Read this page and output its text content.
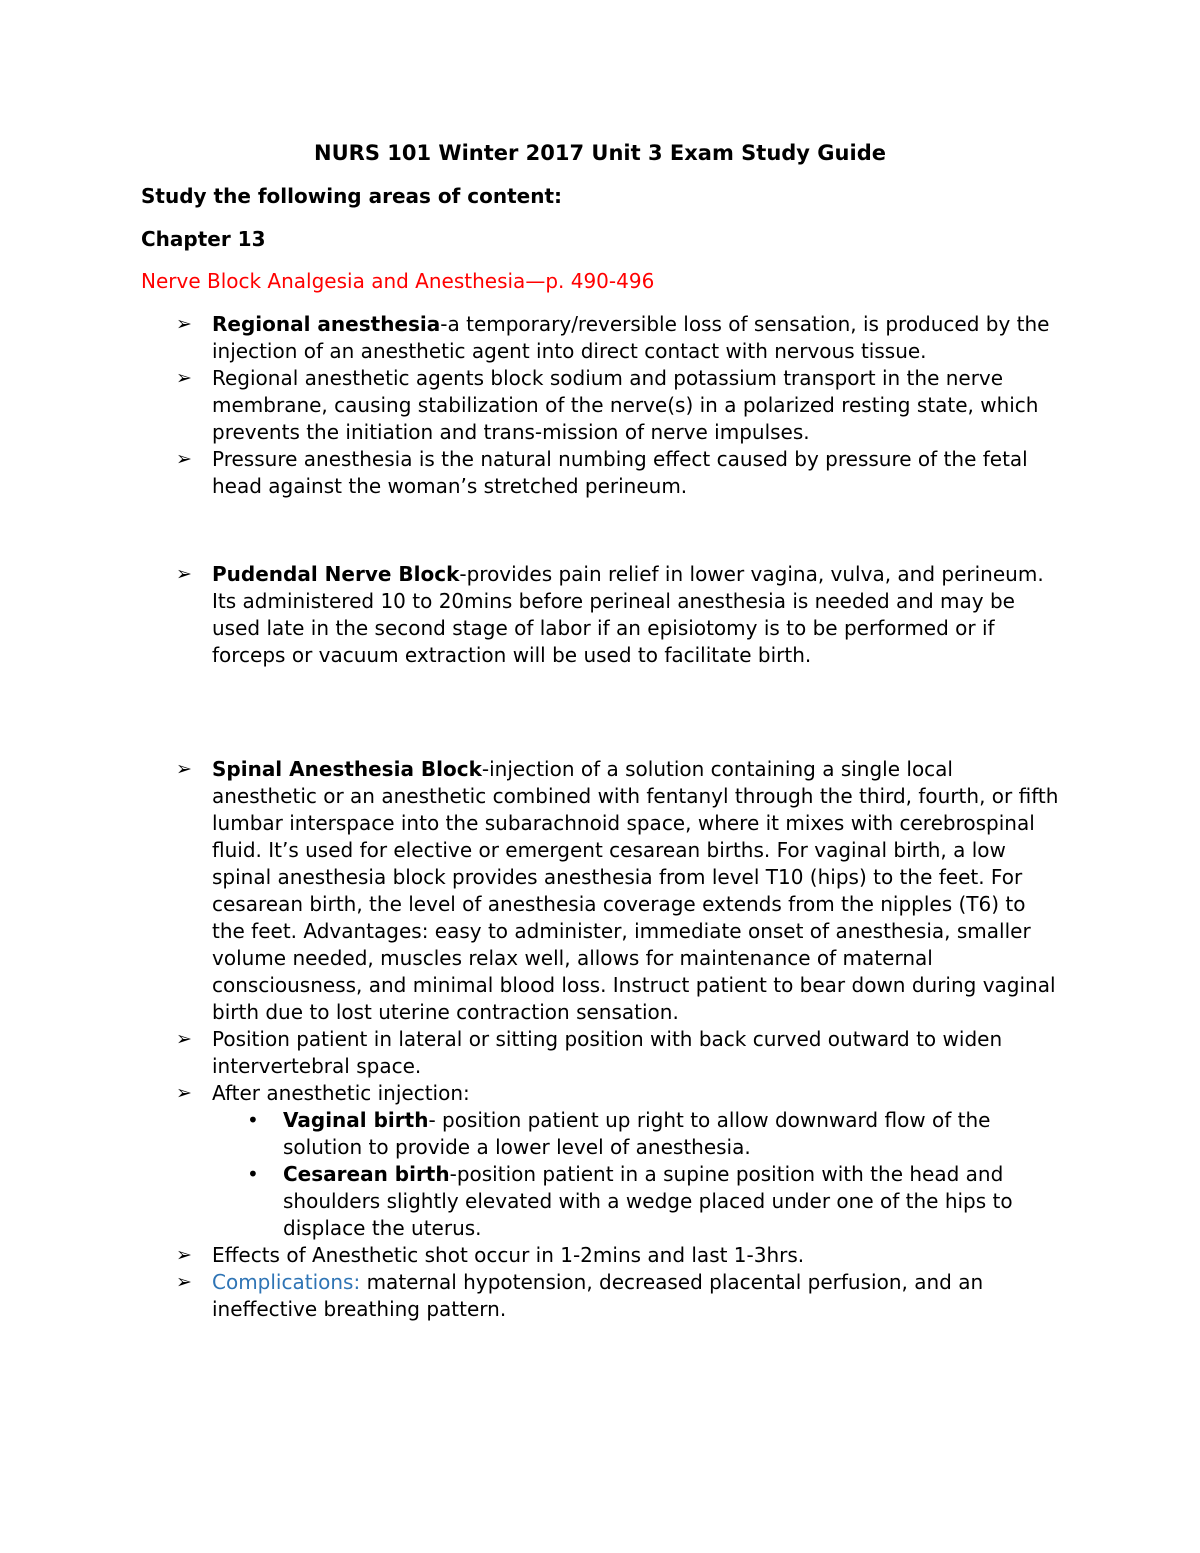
NURS 101 Winter 2017 Unit 3 Exam Study Guide
Study the following areas of content:
Chapter 13
Nerve Block Analgesia and Anesthesia—p. 490-496
➢ Regional anesthesia-a temporary/reversible loss of sensation, is produced by the injection of an anesthetic agent into direct contact with nervous tissue.
➢ Regional anesthetic agents block sodium and potassium transport in the nerve membrane, causing stabilization of the nerve(s) in a polarized resting state, which prevents the initiation and trans-mission of nerve impulses.
➢ Pressure anesthesia is the natural numbing effect caused by pressure of the fetal head against the woman’s stretched perineum.
➢ Pudendal Nerve Block-provides pain relief in lower vagina, vulva, and perineum. Its administered 10 to 20mins before perineal anesthesia is needed and may be used late in the second stage of labor if an episiotomy is to be performed or if forceps or vacuum extraction will be used to facilitate birth.
➢ Spinal Anesthesia Block-injection of a solution containing a single local anesthetic or an anesthetic combined with fentanyl through the third, fourth, or fifth lumbar interspace into the subarachnoid space, where it mixes with cerebrospinal fluid. It’s used for elective or emergent cesarean births. For vaginal birth, a low spinal anesthesia block provides anesthesia from level T10 (hips) to the feet. For cesarean birth, the level of anesthesia coverage extends from the nipples (T6) to the feet. Advantages: easy to administer, immediate onset of anesthesia, smaller volume needed, muscles relax well, allows for maintenance of maternal consciousness, and minimal blood loss. Instruct patient to bear down during vaginal birth due to lost uterine contraction sensation.
➢ Position patient in lateral or sitting position with back curved outward to widen intervertebral space.
➢ After anesthetic injection:
• Vaginal birth- position patient up right to allow downward flow of the solution to provide a lower level of anesthesia.
• Cesarean birth-position patient in a supine position with the head and shoulders slightly elevated with a wedge placed under one of the hips to displace the uterus.
➢ Effects of Anesthetic shot occur in 1-2mins and last 1-3hrs.
➢ Complications: maternal hypotension, decreased placental perfusion, and an ineffective breathing pattern.
